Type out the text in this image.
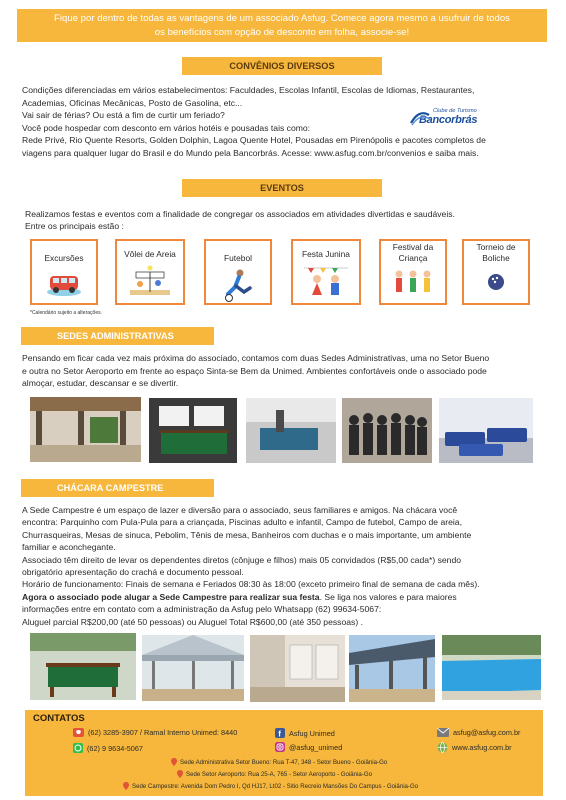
Fique por dentro de todas as vantagens de um associado Asfug. Comece agora mesmo a usufruir de todos
os benefícios com opção de desconto em folha, associe-se!
CONVÊNIOS DIVERSOS
Condições diferenciadas em vários estabelecimentos: Faculdades, Escolas Infantil, Escolas de Idiomas, Restaurantes,
Academias, Oficinas Mecânicas, Posto de Gasolina, etc...
Vai sair de férias? Ou está a fim de curtir um feriado?
Você pode hospedar com desconto em vários hotéis e pousadas tais como:
Rede Privé, Rio Quente Resorts, Golden Dolphin, Lagoa Quente Hotel, Pousadas em Pirenópolis e pacotes completos de
viagens para qualquer lugar do Brasil e do Mundo pela Bancorbrás. Acesse: www.asfug.com.br/convenios e saiba mais.
Clube de Turismo
Bancorbrás
EVENTOS
Realizamos festas e eventos com a finalidade de congregar os associados em atividades divertidas e saudáveis.
Entre os principais estão :
Excursões	Vôlei de Areia	Futebol	Festa Junina
Festival da Criança
Torneio de Boliche
*Calendário sujeito a alterações.
SEDES ADMINISTRATIVAS
Pensando em ficar cada vez mais próxima do associado, contamos com duas Sedes Administrativas, uma no Setor Bueno
e outra no Setor Aeroporto em frente ao espaço Sinta-se Bem da Unimed. Ambientes confortáveis onde o associado pode
almoçar, estudar, descansar e se divertir.
CHÁCARA CAMPESTRE
A Sede Campestre é um espaço de lazer e diversão para o associado, seus familiares e amigos. Na chácara você
encontra: Parquinho com Pula-Pula para a criançada, Piscinas adulto e infantil, Campo de futebol, Campo de areia,
Churrasqueiras, Mesas de sinuca, Pebolim, Tênis de mesa, Banheiros com duchas e o mais importante, um ambiente
familiar e aconchegante.
Associado têm direito de levar os dependentes diretos (cônjuge e filhos) mais 05 convidados (R$5,00 cada*) sendo
obrigatório apresentação do crachá e documento pessoal.
Horário de funcionamento: Finais de semana e Feriados 08:30 às 18:00 (exceto primeiro final de semana de cada mês).
Agora o associado pode alugar a Sede Campestre para realizar sua festa. Se liga nos valores e para maiores
informações entre em contato com a administração da Asfug pelo Whatsapp (62) 99634-5067:
Aluguel parcial R$200,00 (até 50 pessoas) ou Aluguel Total R$600,00 (até 350 pessoas) .
CONTATOS
(62) 3285-3907 / Ramal Interno Unimed: 8440
(62) 9 9634-5067
f Asfug Unimed
@asfug_unimed
asfug@asfug.com.br
www.asfug.com.br
Sede Administrativa Setor Bueno: Rua T-47, 348 - Setor Bueno - Goiânia-Go
Sede Setor Aeroporto: Rua 25-A, 765 - Setor Aeroporto - Goiânia-Go
Sede Campestre: Avenida Dom Pedro I, Qd HJ17, Lt02 - Sitio Recreio Mansões Do Campus - Goiânia-Go
